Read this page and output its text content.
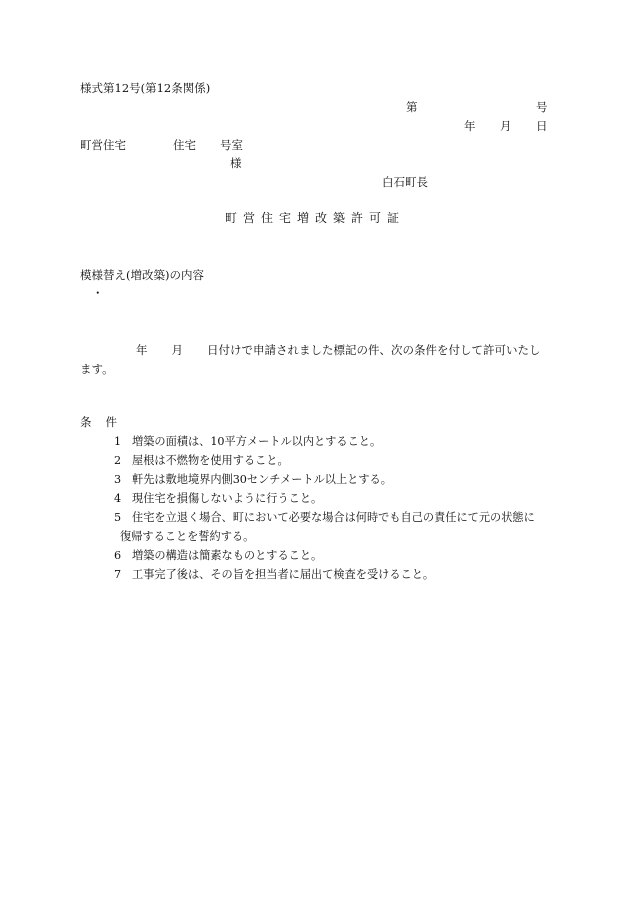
様式第12号(第12条関係)
第	号
年 月 日
町営住宅	住宅 号室
様
白石町長
町営住宅増改築許可証
模様替え(増改築)の内容
・
年 月 日付けで申請されました標記の件、次の条件を付して許可いたし
ます。
条 件
1 増築の面積は、10平方メートル以内とすること。
2 屋根は不燃物を使用すること。
3 軒先は敷地境界内側30センチメートル以上とする。
4 現住宅を損傷しないように行うこと。
5 住宅を立退く場合、町において必要な場合は何時でも自己の責任にて元の状態に
復帰することを誓約する。
6 増築の構造は簡素なものとすること。
7 工事完了後は、その旨を担当者に届出て検査を受けること。
